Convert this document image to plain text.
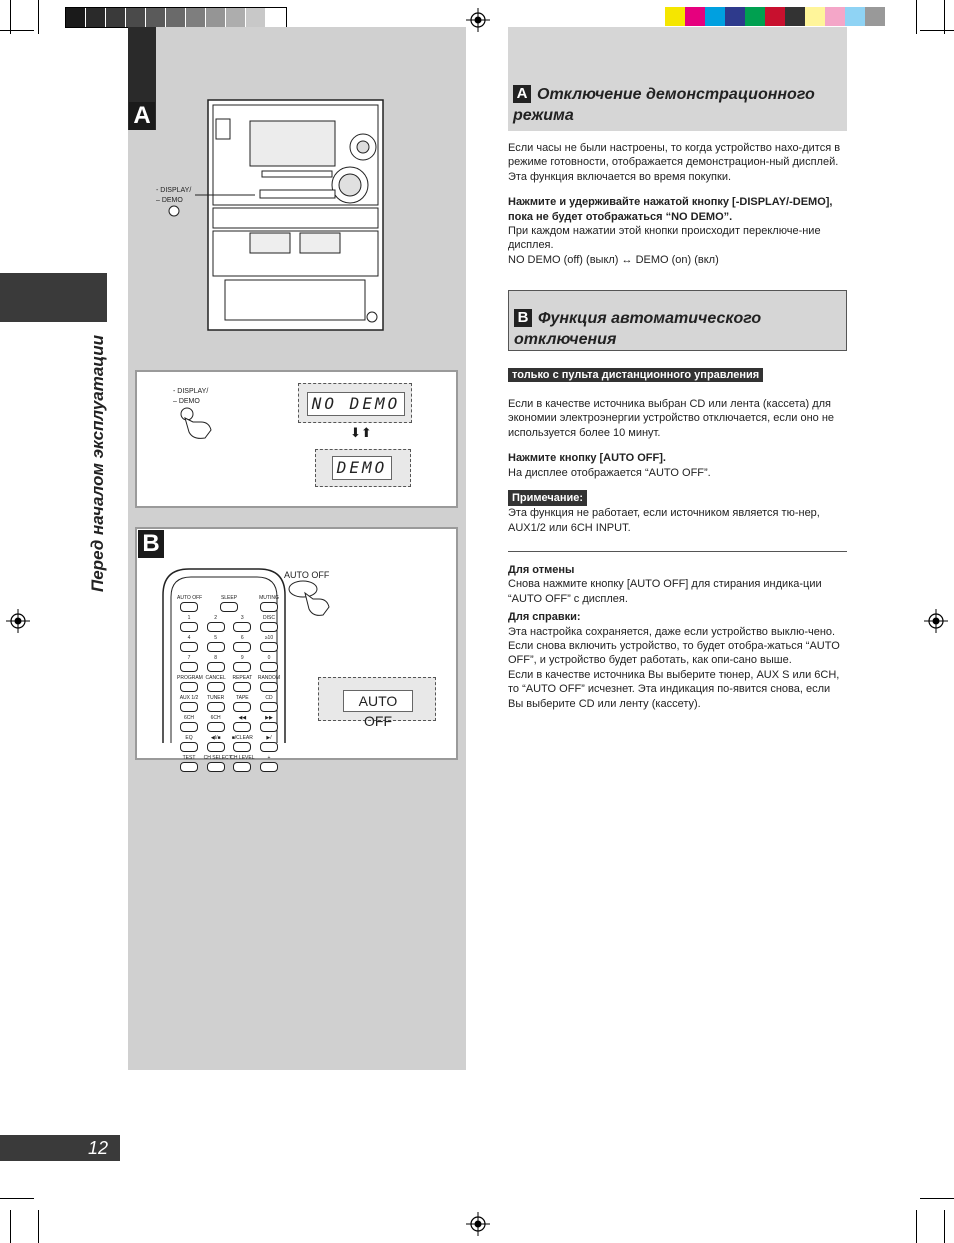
A
Перед началом эксплуатации
- DISPLAY/
– DEMO
- DISPLAY/
– DEMO	NO DEMO
⬇⬆
DEMO
B
AUTO OFF	SLEEP	MUTING
1	2	3	DISC
4	5	6	≥10
7	8	9	0
PROGRAM CANCEL	REPEAT	RANDOM
AUX 1/2	TUNER	TAPE	CD
6CH	6CH	◀◀	▶▶
EQ	◀I/■	■/CLEAR	▶/
TEST	CH SELECT
CH LEVEL	+
AUTO OFF
AUTO OFF
A Отключение демонстрационного
режима
Если часы не были настроены, то когда устройство нахо-дится в режиме готовности, отображается демонстрацион-ный дисплей. Эта функция включается во время покупки.
Нажмите и удерживайте нажатой кнопку [-DISPLAY/-DEMO],
пока не будет отображаться “NO DEMO”.
При каждом нажатии этой кнопки происходит переключе-ние дисплея.
NO DEMO (off) (выкл) ↔ DEMO (on) (вкл)
B Функция автоматического
отключения
только с пульта дистанционного управления
Если в качестве источника выбран CD или лента (кассета) для экономии электроэнергии устройство отключается, если оно не используется более 10 минут.
Нажмите кнопку [AUTO OFF].
На дисплее отображается “AUTO OFF”.
Примечание:
Эта функция не работает, если источником является тю-нер, AUX1/2 или 6CH INPUT.
Для отмены
Снова нажмите кнопку [AUTO OFF] для стирания индика-ции “AUTO OFF” с дисплея.
Для справки:
Эта настройка сохраняется, даже если устройство выклю-чено. Если снова включить устройство, то будет отобра-жаться “AUTO OFF”, и устройство будет работать, как опи-сано выше.
Если в качестве источника Вы выберите тюнер, AUX S или 6CH, то “AUTO OFF” исчезнет. Эта индикация по-явится снова, если Вы выберите CD или ленту (кассету).
12
